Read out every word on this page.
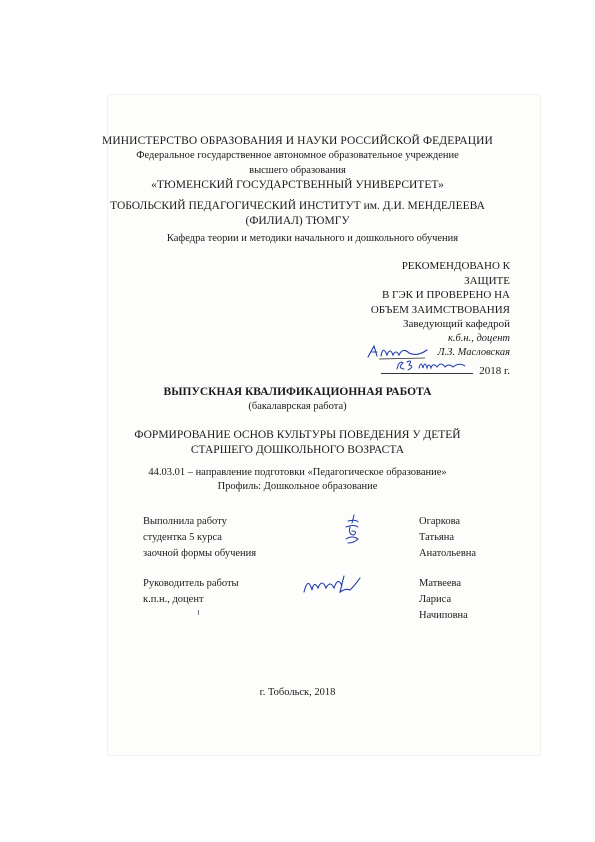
МИНИСТЕРСТВО ОБРАЗОВАНИЯ И НАУКИ РОССИЙСКОЙ ФЕДЕРАЦИИ
Федеральное государственное автономное образовательное учреждение
высшего образования
«ТЮМЕНСКИЙ ГОСУДАРСТВЕННЫЙ УНИВЕРСИТЕТ»
ТОБОЛЬСКИЙ ПЕДАГОГИЧЕСКИЙ ИНСТИТУТ им. Д.И. МЕНДЕЛЕЕВА
(ФИЛИАЛ) ТЮМГУ
Кафедра теории и методики начального и дошкольного обучения
РЕКОМЕНДОВАНО К
ЗАЩИТЕ
В ГЭК И ПРОВЕРЕНО НА
ОБЪЕМ ЗАИМСТВОВАНИЯ
Заведующий кафедрой
к.б.н., доцент
Л.З. Масловская
2018 г.
ВЫПУСКНАЯ КВАЛИФИКАЦИОННАЯ РАБОТА
(бакалаврская работа)
ФОРМИРОВАНИЕ ОСНОВ КУЛЬТУРЫ ПОВЕДЕНИЯ У ДЕТЕЙ
СТАРШЕГО ДОШКОЛЬНОГО ВОЗРАСТА
44.03.01 – направление подготовки «Педагогическое образование»
Профиль: Дошкольное образование
Выполнила работу
студентка 5 курса
заочной формы обучения
Огаркова
Татьяна
Анатольевна
Руководитель работы
к.п.н., доцент
Матвеева
Лариса
Начиповна
г. Тобольск, 2018
